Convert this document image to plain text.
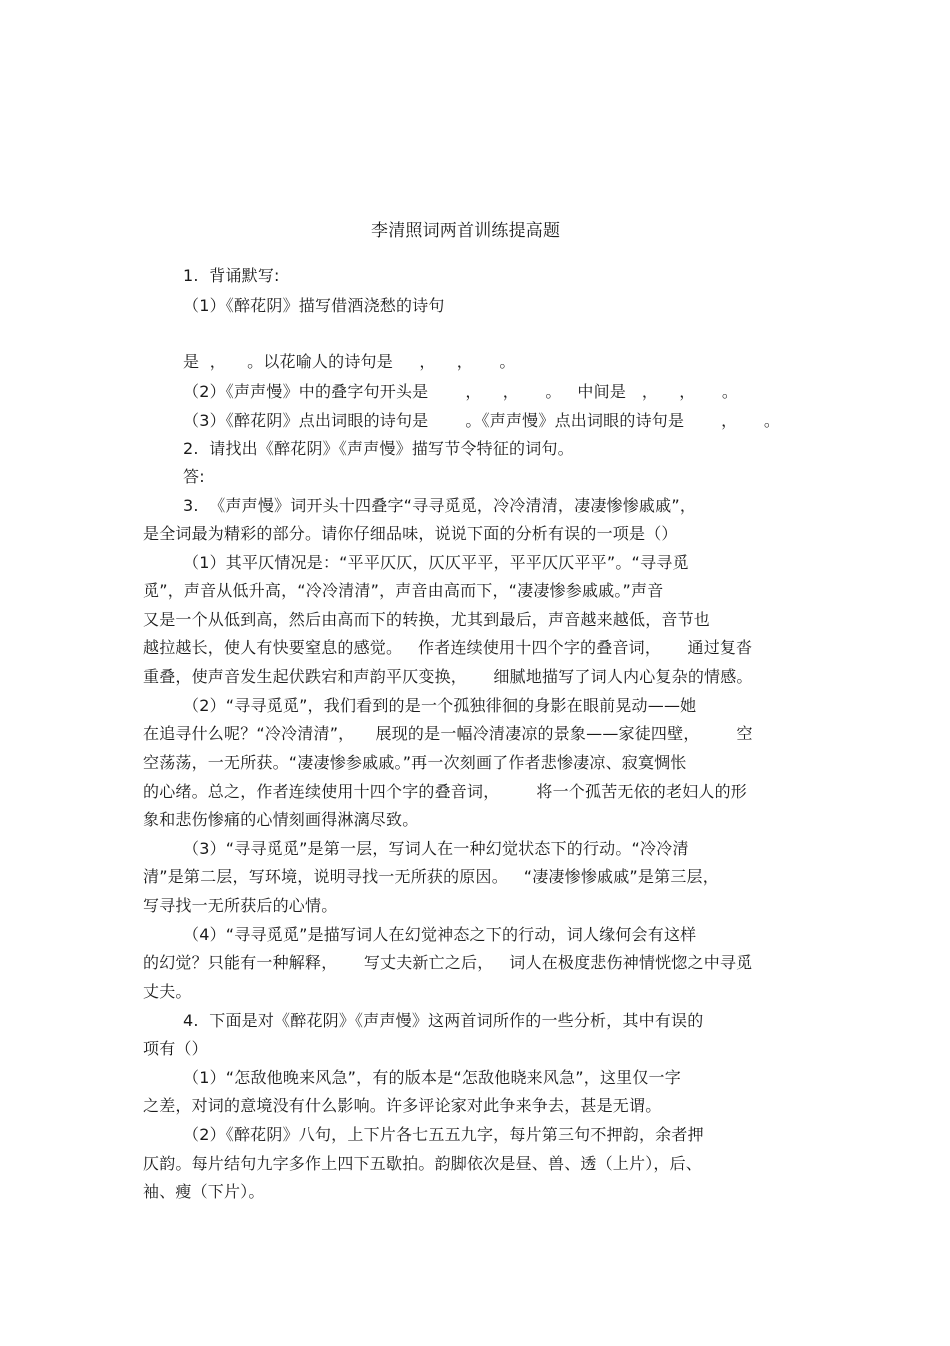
李清照词两首训练提高题
1.  背诵默写:
（1）《醉花阴》描写借酒浇愁的诗句
是  ，    。以花喻人的诗句是     ，    ，     。
（2）《声声慢》中的叠字句开头是       ，    ，     。   中间是   ，    ，     。
（3）《醉花阴》点出词眼的诗句是       。《声声慢》点出词眼的诗句是       ，     。
2.  请找出《醉花阴》《声声慢》描写节令特征的词句。
答:
3.  《声声慢》词开头十四叠字“寻寻觅觅，冷冷清清，凄凄惨惨戚戚”，
是全词最为精彩的部分。请你仔细品味，说说下面的分析有误的一项是（）
（1）其平仄情况是：“平平仄仄，仄仄平平，平平仄仄平平”。“寻寻觅
觅”，声音从低升高，“冷冷清清”，声音由高而下，“凄凄惨参戚戚。”声音
又是一个从低到高，然后由高而下的转换，尤其到最后，声音越来越低，音节也
越拉越长，使人有快要窒息的感觉。   作者连续使用十四个字的叠音词，     通过复沓
重叠，使声音发生起伏跌宕和声韵平仄变换，     细腻地描写了词人内心复杂的情感。
（2）“寻寻觅觅”，我们看到的是一个孤独徘徊的身影在眼前晃动——她
在追寻什么呢？“冷冷清清”，    展现的是一幅冷清凄凉的景象——家徒四壁，       空
空荡荡，一无所获。“凄凄惨参戚戚。”再一次刻画了作者悲惨凄凉、寂寞惆怅
的心绪。总之，作者连续使用十四个字的叠音词，       将一个孤苦无依的老妇人的形
象和悲伤惨痛的心情刻画得淋漓尽致。
（3）“寻寻觅觅”是第一层，写词人在一种幻觉状态下的行动。“冷冷清
清”是第二层，写环境，说明寻找一无所获的原因。   “凄凄惨惨戚戚”是第三层，
写寻找一无所获后的心情。
（4）“寻寻觅觅”是描写词人在幻觉神态之下的行动，词人缘何会有这样
的幻觉？只能有一种解释，     写丈夫新亡之后，   词人在极度悲伤神情恍惚之中寻觅
丈夫。
4.  下面是对《醉花阴》《声声慢》这两首词所作的一些分析，其中有误的
项有（）
（1）“怎敌他晚来风急”，有的版本是“怎敌他晓来风急”，这里仅一字
之差，对词的意境没有什么影响。许多评论家对此争来争去，甚是无谓。
（2）《醉花阴》八句，上下片各七五五九字，每片第三句不押韵，余者押
仄韵。每片结句九字多作上四下五歇拍。韵脚依次是昼、兽、透（上片），后、
袖、瘦（下片）。
